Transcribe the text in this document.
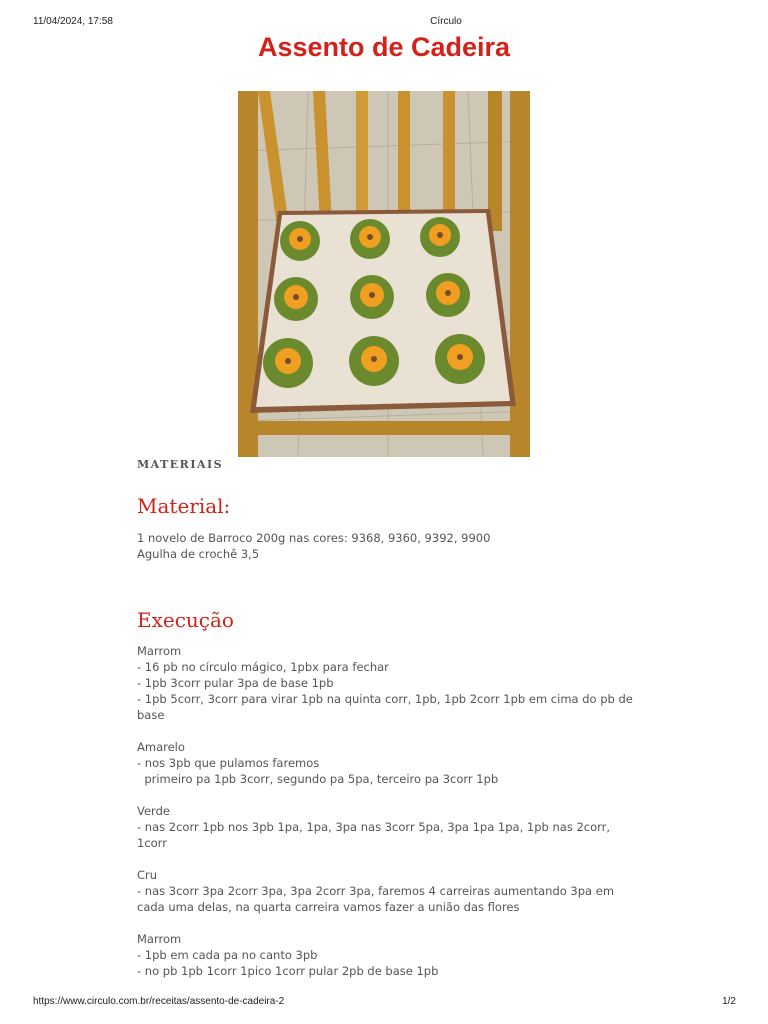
11/04/2024, 17:58	Círculo
Assento de Cadeira
MATERIAIS
Material:
1 novelo de Barroco 200g nas cores: 9368, 9360, 9392, 9900
Agulha de crochê 3,5
Execução
Marrom
- 16 pb no círculo mágico, 1pbx para fechar
- 1pb 3corr pular 3pa de base 1pb
- 1pb 5corr, 3corr para virar 1pb na quinta corr, 1pb, 1pb 2corr 1pb em cima do pb de
base
Amarelo
- nos 3pb que pulamos faremos
primeiro pa 1pb 3corr, segundo pa 5pa, terceiro pa 3corr 1pb
Verde
- nas 2corr 1pb nos 3pb 1pa, 1pa, 3pa nas 3corr 5pa, 3pa 1pa 1pa, 1pb nas 2corr, 1corr
Cru
- nas 3corr 3pa 2corr 3pa, 3pa 2corr 3pa, faremos 4 carreiras aumentando 3pa em
cada uma delas, na quarta carreira vamos fazer a união das flores
Marrom
- 1pb em cada pa no canto 3pb
- no pb 1pb 1corr 1pico 1corr pular 2pb de base 1pb
https://www.circulo.com.br/receitas/assento-de-cadeira-2	1/2
